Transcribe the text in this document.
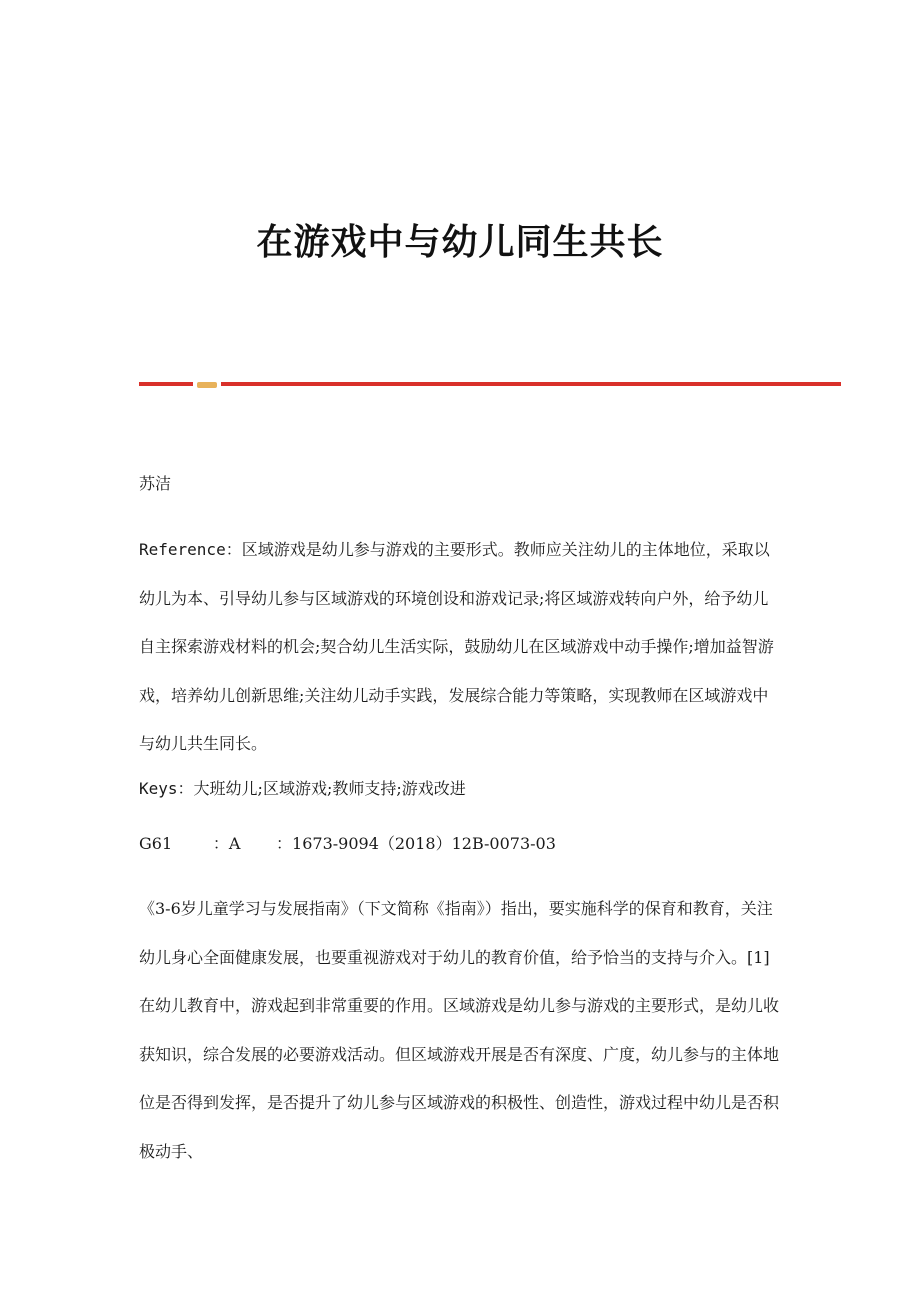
在游戏中与幼儿同生共长

苏洁

Reference：区域游戏是幼儿参与游戏的主要形式。教师应关注幼儿的主体地位，采取以幼儿为本、引导幼儿参与区域游戏的环境创设和游戏记录;将区域游戏转向户外，给予幼儿自主探索游戏材料的机会;契合幼儿生活实际，鼓励幼儿在区域游戏中动手操作;增加益智游戏，培养幼儿创新思维;关注幼儿动手实践，发展综合能力等策略，实现教师在区域游戏中与幼儿共生同长。

Keys：大班幼儿;区域游戏;教师支持;游戏改进

G61	：A ：1673-9094（2018）12B-0073-03

《3-6岁儿童学习与发展指南》（下文简称《指南》）指出，要实施科学的保育和教育，关注幼儿身心全面健康发展，也要重视游戏对于幼儿的教育价值，给予恰当的支持与介入。[1]在幼儿教育中，游戏起到非常重要的作用。区域游戏是幼儿参与游戏的主要形式，是幼儿收获知识，综合发展的必要游戏活动。但区域游戏开展是否有深度、广度，幼儿参与的主体地位是否得到发挥，是否提升了幼儿参与区域游戏的积极性、创造性，游戏过程中幼儿是否积极动手、
